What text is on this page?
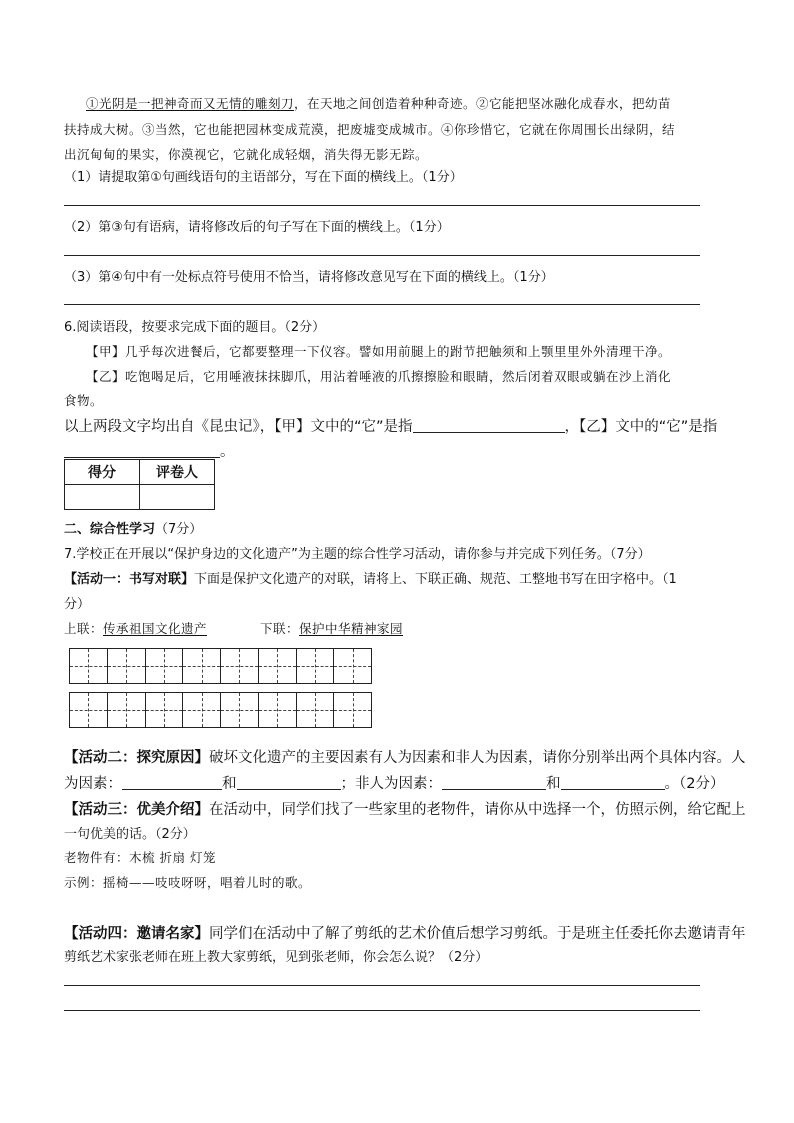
①光阴是一把神奇而又无情的雕刻刀，在天地之间创造着种种奇迹。②它能把坚冰融化成春水，把幼苗
扶持成大树。③当然，它也能把园林变成荒漠，把废墟变成城市。④你珍惜它，它就在你周围长出绿阴，结
出沉甸甸的果实，你漠视它，它就化成轻烟，消失得无影无踪。
（1）请提取第①句画线语句的主语部分，写在下面的横线上。（1分）
（2）第③句有语病，请将修改后的句子写在下面的横线上。（1分）
（3）第④句中有一处标点符号使用不恰当，请将修改意见写在下面的横线上。（1分）
6.阅读语段，按要求完成下面的题目。（2分）
【甲】几乎每次进餐后，它都要整理一下仪容。譬如用前腿上的跗节把触须和上颚里里外外清理干净。
【乙】吃饱喝足后，它用唾液抹抹脚爪，用沾着唾液的爪擦擦脸和眼睛，然后闭着双眼或躺在沙上消化
食物。
以上两段文字均出自《昆虫记》，【甲】文中的“它”是指	，【乙】文中的“它”是指
。
得分	评卷人

二、综合性学习（7分）
7.学校正在开展以“保护身边的文化遗产”为主题的综合性学习活动，请你参与并完成下列任务。（7分）
【活动一：书写对联】下面是保护文化遗产的对联，请将上、下联正确、规范、工整地书写在田字格中。（1
分）
上联：传承祖国文化遗产	下联：保护中华精神家园
【活动二：探究原因】破坏文化遗产的主要因素有人为因素和非人为因素，请你分别举出两个具体内容。人
为因素：	和	；非人为因素：	和	。（2分）
【活动三：优美介绍】在活动中，同学们找了一些家里的老物件，请你从中选择一个，仿照示例，给它配上
一句优美的话。（2分）
老物件有：木梳 折扇 灯笼
示例：摇椅——吱吱呀呀，唱着儿时的歌。
【活动四：邀请名家】同学们在活动中了解了剪纸的艺术价值后想学习剪纸。于是班主任委托你去邀请青年
剪纸艺术家张老师在班上教大家剪纸，见到张老师，你会怎么说？（2分）
